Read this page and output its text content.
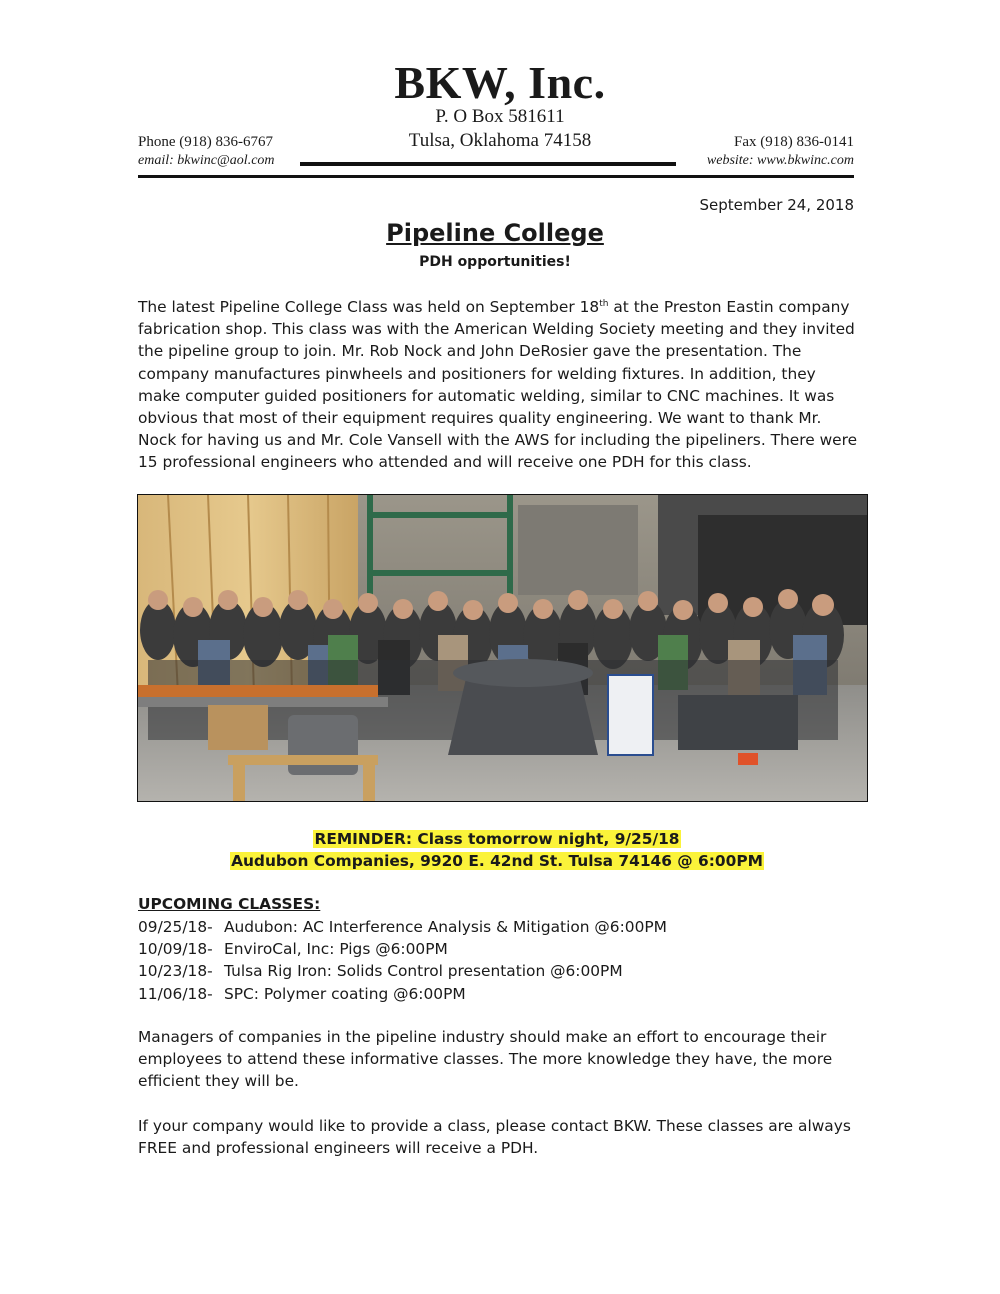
BKW, Inc.
P. O Box 581611
Tulsa, Oklahoma 74158
Phone (918) 836-6767
email: bkwinc@aol.com
Fax (918) 836-0141
website: www.bkwinc.com
September 24, 2018
Pipeline College
PDH opportunities!

The latest Pipeline College Class was held on September 18th at the Preston Eastin company fabrication shop. This class was with the American Welding Society meeting and they invited the pipeline group to join. Mr. Rob Nock and John DeRosier gave the presentation. The company manufactures pinwheels and positioners for welding fixtures. In addition, they make computer guided positioners for automatic welding, similar to CNC machines. It was obvious that most of their equipment requires quality engineering. We want to thank Mr. Nock for having us and Mr. Cole Vansell with the AWS for including the pipeliners. There were 15 professional engineers who attended and will receive one PDH for this class.

REMINDER: Class tomorrow night, 9/25/18
Audubon Companies, 9920 E. 42nd St. Tulsa 74146 @ 6:00PM
UPCOMING CLASSES:
09/25/18- Audubon: AC Interference Analysis & Mitigation @6:00PM
10/09/18- EnviroCal, Inc: Pigs @6:00PM
10/23/18- Tulsa Rig Iron: Solids Control presentation @6:00PM
11/06/18- SPC: Polymer coating @6:00PM

Managers of companies in the pipeline industry should make an effort to encourage their employees to attend these informative classes. The more knowledge they have, the more efficient they will be.

If your company would like to provide a class, please contact BKW. These classes are always FREE and professional engineers will receive a PDH.
